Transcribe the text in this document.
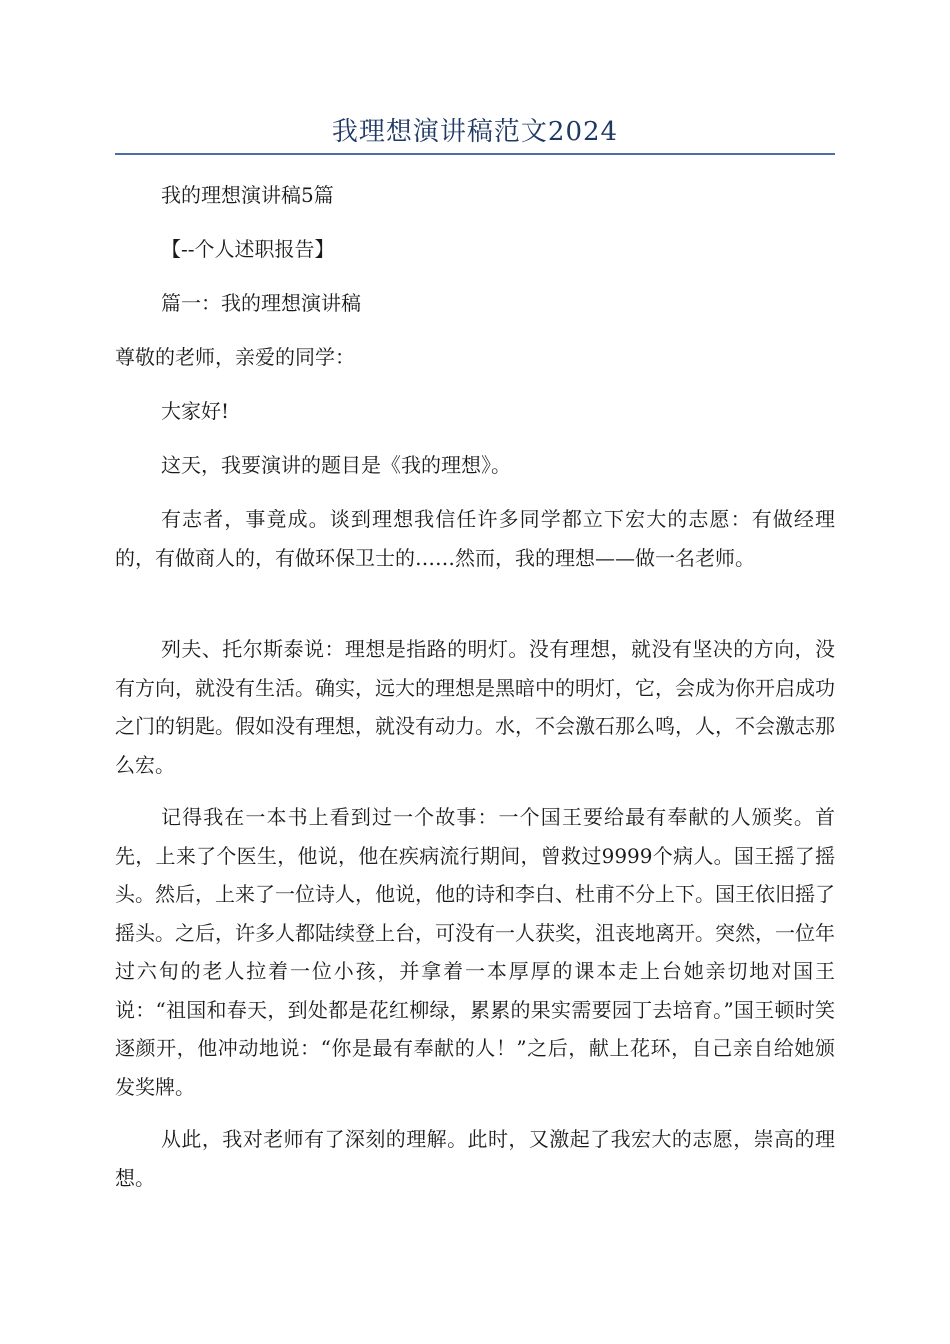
我理想演讲稿范文2024

我的理想演讲稿5篇

【--个人述职报告】

篇一：我的理想演讲稿

尊敬的老师，亲爱的同学：

大家好!

这天，我要演讲的题目是《我的理想》。

有志者，事竟成。谈到理想我信任许多同学都立下宏大的志愿：有做经理的，有做商人的，有做环保卫士的……然而，我的理想——做一名老师。

列夫、托尔斯泰说：理想是指路的明灯。没有理想，就没有坚决的方向，没有方向，就没有生活。确实，远大的理想是黑暗中的明灯，它，会成为你开启成功之门的钥匙。假如没有理想，就没有动力。水，不会激石那么鸣，人，不会激志那么宏。

记得我在一本书上看到过一个故事：一个国王要给最有奉献的人颁奖。首先，上来了个医生，他说，他在疾病流行期间，曾救过9999个病人。国王摇了摇头。然后，上来了一位诗人，他说，他的诗和李白、杜甫不分上下。国王依旧摇了摇头。之后，许多人都陆续登上台，可没有一人获奖，沮丧地离开。突然，一位年过六旬的老人拉着一位小孩，并拿着一本厚厚的课本走上台她亲切地对国王说：“祖国和春天，到处都是花红柳绿，累累的果实需要园丁去培育。”国王顿时笑逐颜开，他冲动地说：“你是最有奉献的人！”之后，献上花环，自己亲自给她颁发奖牌。

从此，我对老师有了深刻的理解。此时，又激起了我宏大的志愿，崇高的理想。
